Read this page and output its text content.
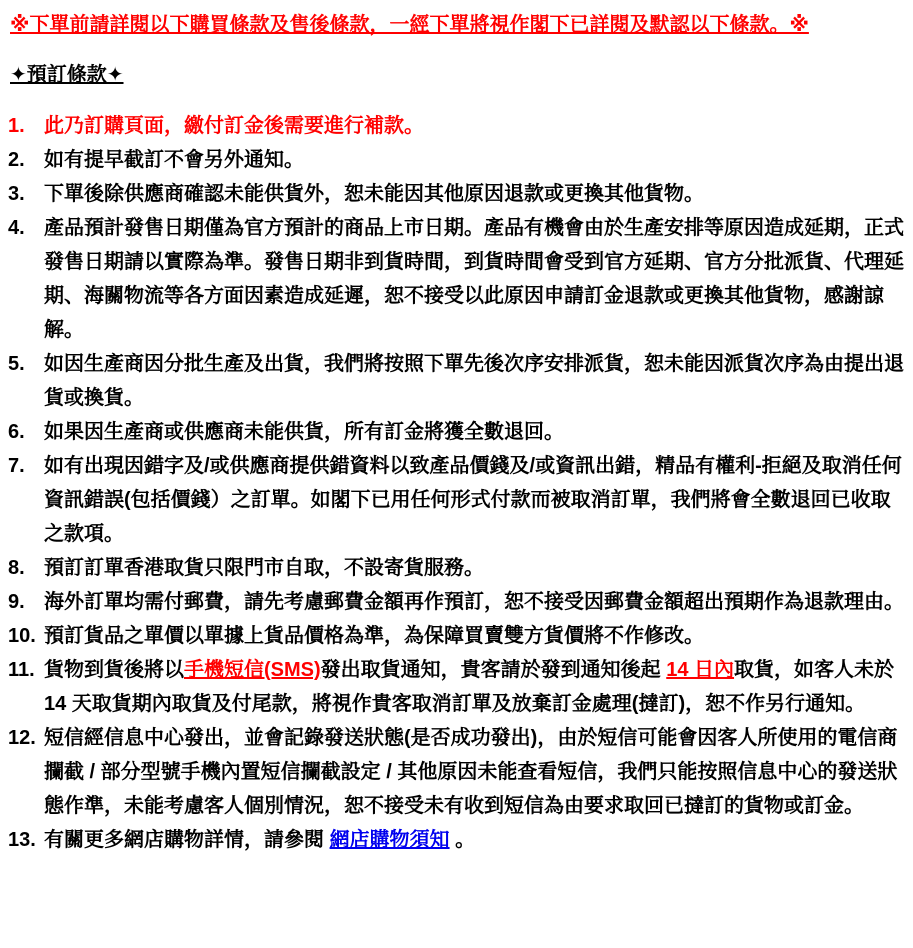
※下單前請詳閱以下購買條款及售後條款，一經下單將視作閣下已詳閱及默認以下條款。※
✦預訂條款✦
1. 此乃訂購頁面，繳付訂金後需要進行補款。
2. 如有提早截訂不會另外通知。
3. 下單後除供應商確認未能供貨外，恕未能因其他原因退款或更換其他貨物。
4. 產品預計發售日期僅為官方預計的商品上市日期。產品有機會由於生產安排等原因造成延期，正式發售日期請以實際為準。發售日期非到貨時間，到貨時間會受到官方延期、官方分批派貨、代理延期、海關物流等各方面因素造成延遲，恕不接受以此原因申請訂金退款或更換其他貨物，感謝諒解。
5. 如因生產商因分批生產及出貨，我們將按照下單先後次序安排派貨，恕未能因派貨次序為由提出退貨或換貨。
6. 如果因生產商或供應商未能供貨，所有訂金將獲全數退回。
7. 如有出現因錯字及/或供應商提供錯資料以致產品價錢及/或資訊出錯，精品有權利-拒絕及取消任何資訊錯誤(包括價錢）之訂單。如閣下已用任何形式付款而被取消訂單，我們將會全數退回已收取之款項。
8. 預訂訂單香港取貨只限門市自取，不設寄貨服務。
9. 海外訂單均需付郵費，請先考慮郵費金額再作預訂，恕不接受因郵費金額超出預期作為退款理由。
10. 預訂貨品之單價以單據上貨品價格為準，為保障買賣雙方貨價將不作修改。
11. 貨物到貨後將以手機短信(SMS)發出取貨通知，貴客請於發到通知後起 14 日內取貨，如客人未於 14 天取貨期內取貨及付尾款，將視作貴客取消訂單及放棄訂金處理(撻訂)，恕不作另行通知。
12. 短信經信息中心發出，並會記錄發送狀態(是否成功發出)，由於短信可能會因客人所使用的電信商攔截 / 部分型號手機內置短信攔截設定 / 其他原因未能查看短信，我們只能按照信息中心的發送狀態作準，未能考慮客人個別情況，恕不接受未有收到短信為由要求取回已撻訂的貨物或訂金。
13. 有關更多網店購物詳情，請參閱 網店購物須知 。
